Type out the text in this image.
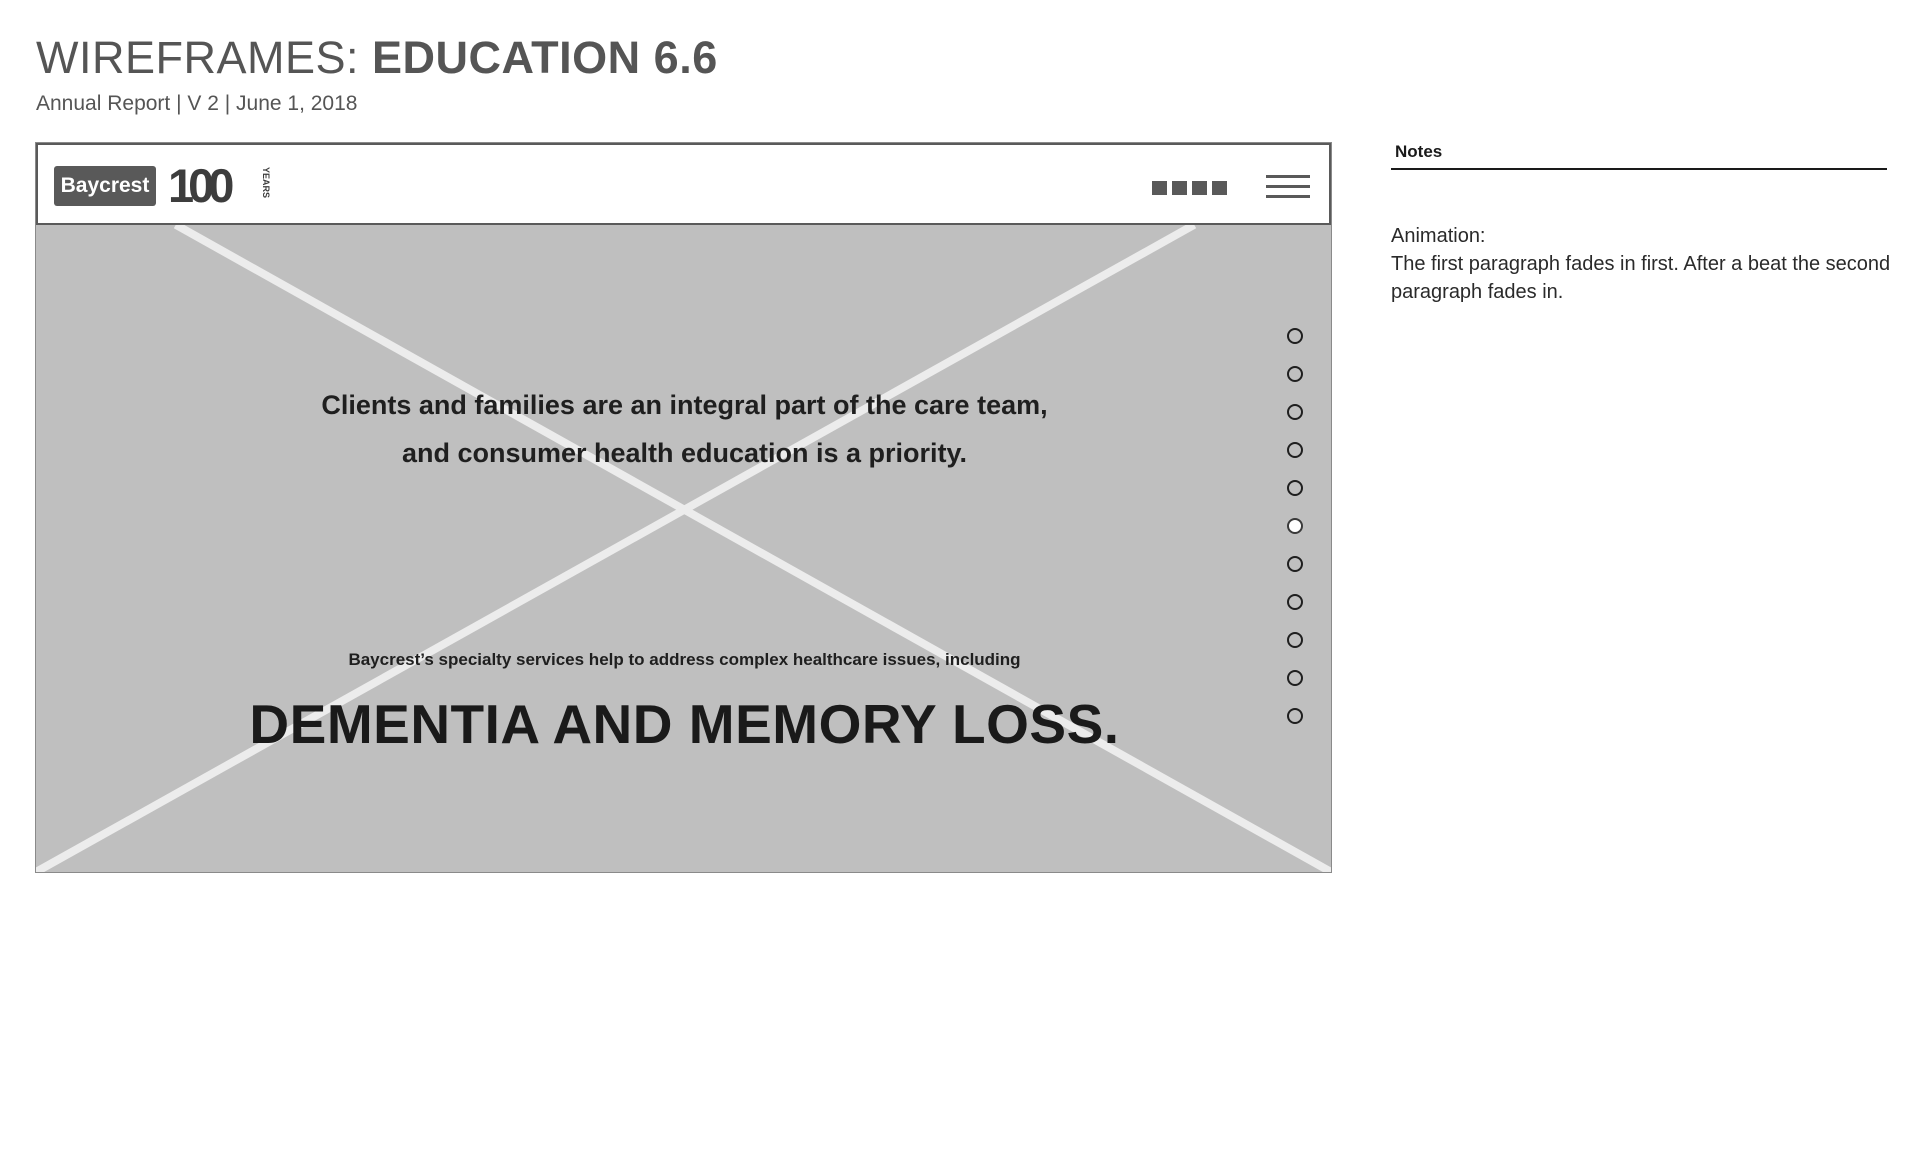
WIREFRAMES: EDUCATION 6.6
Annual Report | V 2 | June 1, 2018
Baycrest 100	YEARS
Clients and families are an integral part of the care team,
and consumer health education is a priority.
Baycrest’s specialty services help to address complex healthcare issues, including
DEMENTIA AND MEMORY LOSS.
Notes
Animation:
The first paragraph fades in first. After a beat the second paragraph fades in.
